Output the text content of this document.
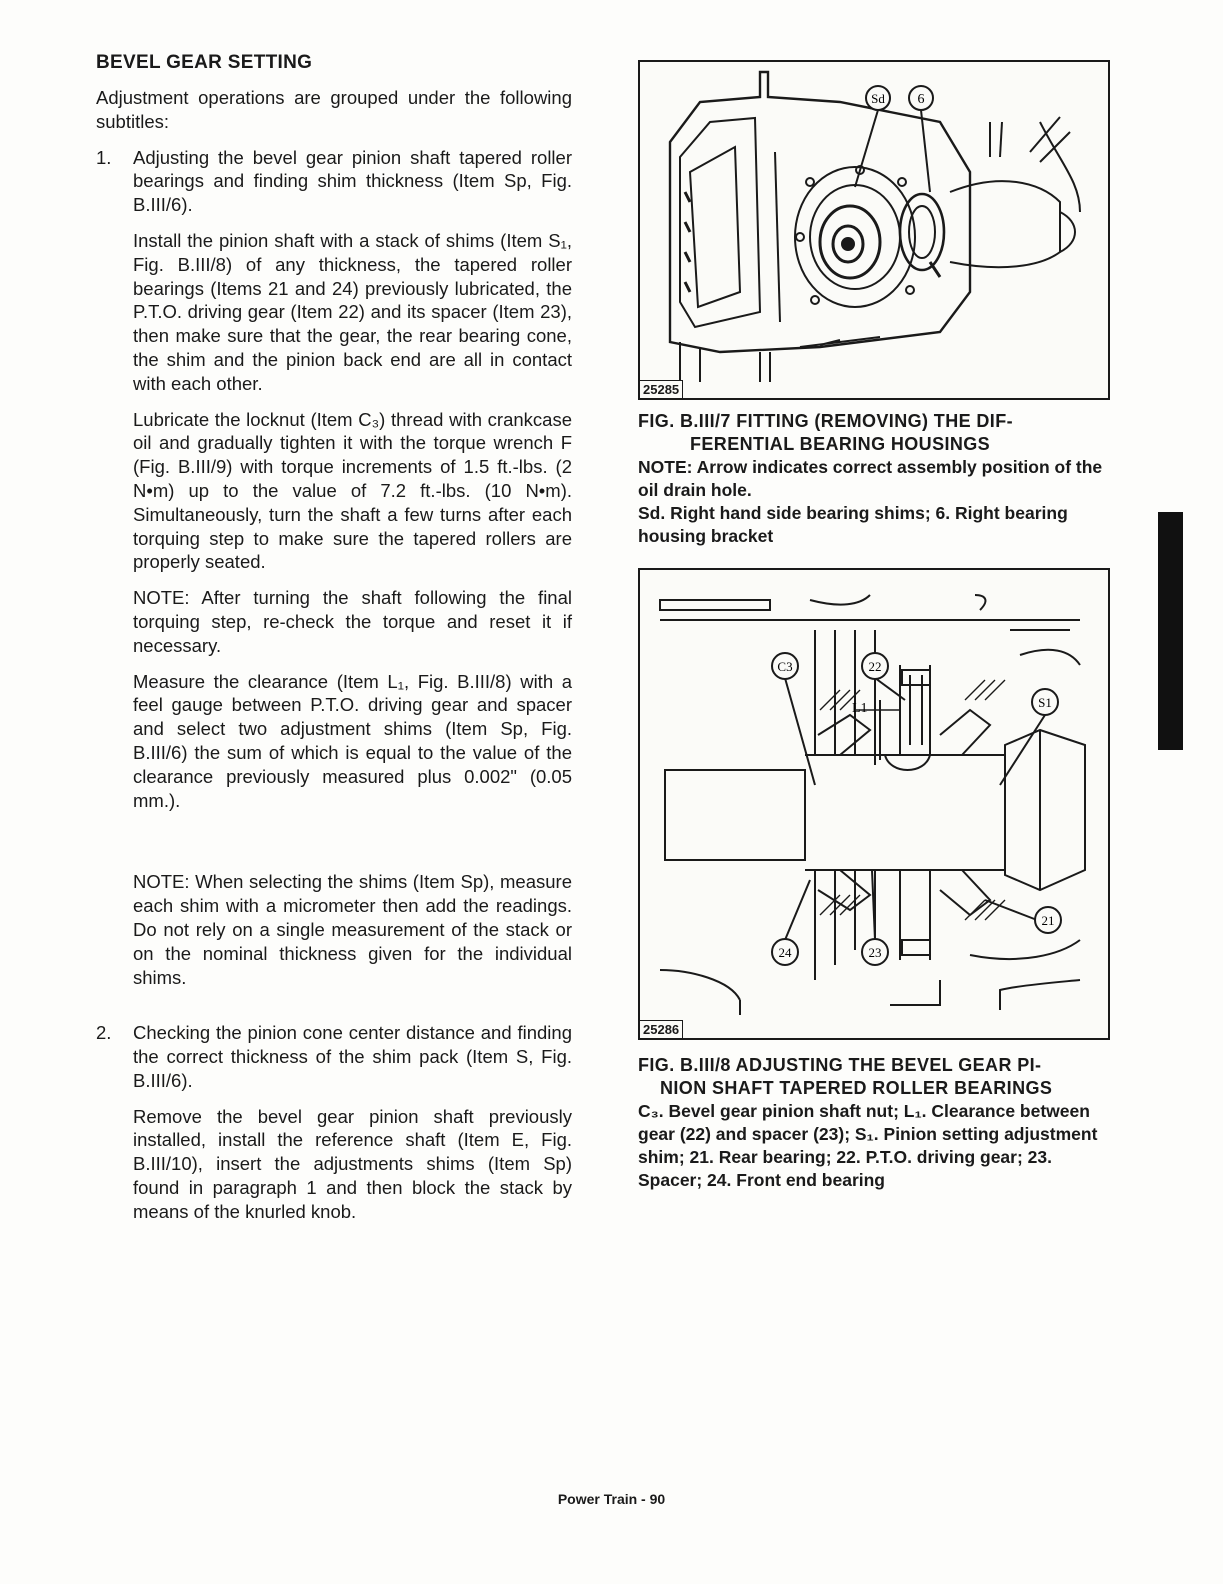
BEVEL GEAR SETTING

Adjustment operations are grouped under the following subtitles:

1. Adjusting the bevel gear pinion shaft tapered roller bearings and finding shim thickness (Item Sp, Fig. B.III/6).

Install the pinion shaft with a stack of shims (Item S₁, Fig. B.III/8) of any thickness, the tapered roller bearings (Items 21 and 24) previously lubricated, the P.T.O. driving gear (Item 22) and its spacer (Item 23), then make sure that the gear, the rear bearing cone, the shim and the pinion back end are all in contact with each other.

Lubricate the locknut (Item C₃) thread with crankcase oil and gradually tighten it with the torque wrench F (Fig. B.III/9) with torque increments of 1.5 ft.-lbs. (2 N•m) up to the value of 7.2 ft.-lbs. (10 N•m). Simultaneously, turn the shaft a few turns after each torquing step to make sure the tapered rollers are properly seated.

NOTE: After turning the shaft following the final torquing step, re-check the torque and reset it if necessary.

Measure the clearance (Item L₁, Fig. B.III/8) with a feel gauge between P.T.O. driving gear and spacer and select two adjustment shims (Item Sp, Fig. B.III/6) the sum of which is equal to the value of the clearance previously measured plus 0.002" (0.05 mm.).

NOTE: When selecting the shims (Item Sp), measure each shim with a micrometer then add the readings. Do not rely on a single measurement of the stack or on the nominal thickness given for the individual shims.

2. Checking the pinion cone center distance and finding the correct thickness of the shim pack (Item S, Fig. B.III/6).

Remove the bevel gear pinion shaft previously installed, install the reference shaft (Item E, Fig. B.III/10), insert the adjustments shims (Item Sp) found in paragraph 1 and then block the stack by means of the knurled knob.

Sd 6
25285

FIG. B.III/7 FITTING (REMOVING) THE DIF-

FERENTIAL BEARING HOUSINGS

NOTE: Arrow indicates correct assembly position of the oil drain hole.

Sd. Right hand side bearing shims; 6. Right bearing housing bracket

C3	22
S1
L1
21
24	23
25286

FIG. B.III/8 ADJUSTING THE BEVEL GEAR PI-

NION SHAFT TAPERED ROLLER BEARINGS

C₃. Bevel gear pinion shaft nut; L₁. Clearance between gear (22) and spacer (23); S₁. Pinion setting adjustment shim; 21. Rear bearing; 22. P.T.O. driving gear; 23. Spacer; 24. Front end bearing

Power Train - 90
